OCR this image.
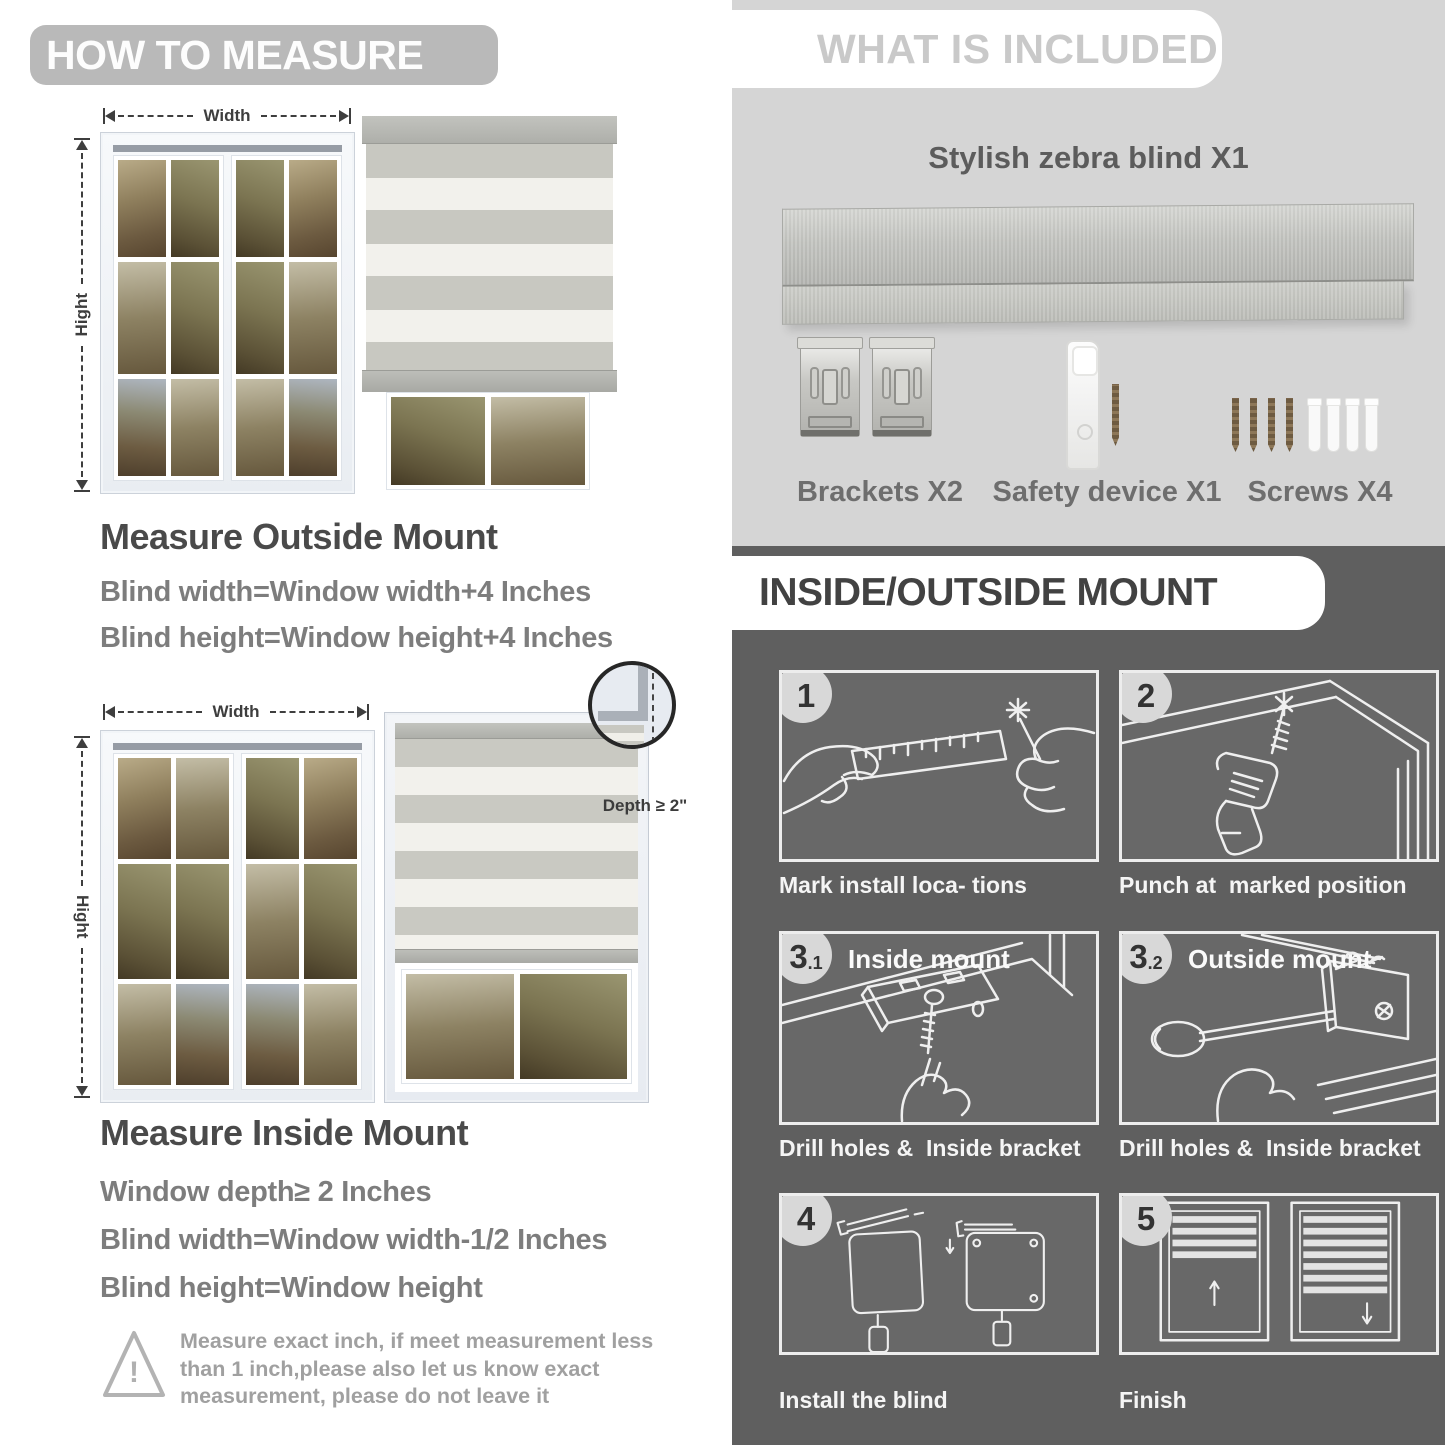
HOW TO MEASURE
Width
Hight
Measure Outside Mount
Blind width=Window width+4 Inches
Blind height=Window height+4 Inches
Width
Hight
Depth ≥ 2"
Measure Inside Mount
Window depth≥ 2 Inches
Blind width=Window width-1/2 Inches
Blind height=Window height
!
Measure exact inch, if meet measurement less
than 1 inch,please also let us know exact
measurement, please do not leave it
WHAT IS INCLUDED
Stylish zebra blind X1
Brackets X2	Safety device X1 Screws X4
INSIDE/OUTSIDE MOUNT
1
Mark install loca- tions
2
Punch at  marked position
3 .1 Inside mount
Drill holes &  Inside bracket
3 .2 Outside mount
Drill holes &  Inside bracket
4
Install the blind
5
Finish
